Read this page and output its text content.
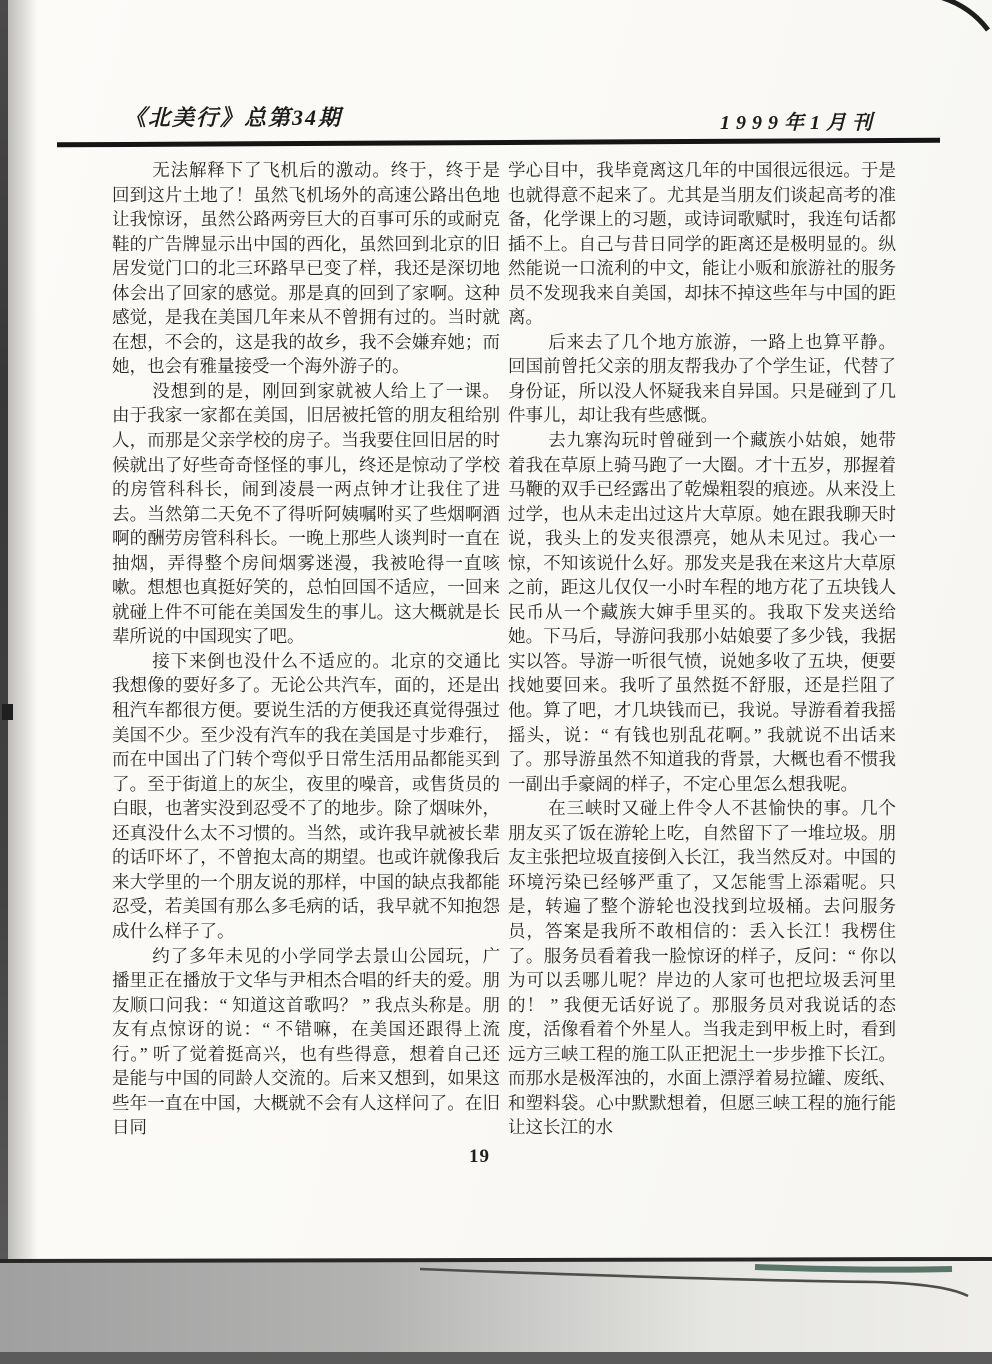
《北美行》总第34期	1999年1月刊

无法解释下了飞机后的激动。终于，终于是回到这片土地了！虽然飞机场外的高速公路出色地让我惊讶，虽然公路两旁巨大的百事可乐的或耐克鞋的广告牌显示出中国的西化，虽然回到北京的旧居发觉门口的北三环路早已变了样，我还是深切地体会出了回家的感觉。那是真的回到了家啊。这种感觉，是我在美国几年来从不曾拥有过的。当时就在想，不会的，这是我的故乡，我不会嫌弃她；而她，也会有雅量接受一个海外游子的。

没想到的是，刚回到家就被人给上了一课。由于我家一家都在美国，旧居被托管的朋友租给别人，而那是父亲学校的房子。当我要住回旧居的时候就出了好些奇奇怪怪的事儿，终还是惊动了学校的房管科科长，闹到凌晨一两点钟才让我住了进去。当然第二天免不了得听阿姨嘱咐买了些烟啊酒啊的酬劳房管科科长。一晚上那些人谈判时一直在抽烟，弄得整个房间烟雾迷漫，我被呛得一直咳嗽。想想也真挺好笑的，总怕回国不适应，一回来就碰上件不可能在美国发生的事儿。这大概就是长辈所说的中国现实了吧。

接下来倒也没什么不适应的。北京的交通比我想像的要好多了。无论公共汽车，面的，还是出租汽车都很方便。要说生活的方便我还真觉得强过美国不少。至少没有汽车的我在美国是寸步难行，而在中国出了门转个弯似乎日常生活用品都能买到了。至于街道上的灰尘，夜里的噪音，或售货员的白眼，也著实没到忍受不了的地步。除了烟味外，还真没什么太不习惯的。当然，或许我早就被长辈的话吓坏了，不曾抱太高的期望。也或许就像我后来大学里的一个朋友说的那样，中国的缺点我都能忍受，若美国有那么多毛病的话，我早就不知抱怨成什么样子了。

约了多年未见的小学同学去景山公园玩，广播里正在播放于文华与尹相杰合唱的纤夫的爱。朋友顺口问我：“ 知道这首歌吗？ ” 我点头称是。朋友有点惊讶的说：“ 不错嘛，在美国还跟得上流行。” 听了觉着挺高兴，也有些得意，想着自己还是能与中国的同龄人交流的。后来又想到，如果这些年一直在中国，大概就不会有人这样问了。在旧日同

学心目中，我毕竟离这几年的中国很远很远。于是也就得意不起来了。尤其是当朋友们谈起高考的准备，化学课上的习题，或诗词歌赋时，我连句话都插不上。自己与昔日同学的距离还是极明显的。纵然能说一口流利的中文，能让小贩和旅游社的服务员不发现我来自美国，却抹不掉这些年与中国的距离。

后来去了几个地方旅游，一路上也算平静。回国前曾托父亲的朋友帮我办了个学生证，代替了身份证，所以没人怀疑我来自异国。只是碰到了几件事儿，却让我有些感慨。

去九寨沟玩时曾碰到一个藏族小姑娘，她带着我在草原上骑马跑了一大圈。才十五岁，那握着马鞭的双手已经露出了乾燥粗裂的痕迹。从来没上过学，也从未走出过这片大草原。她在跟我聊天时说，我头上的发夹很漂亮，她从未见过。我心一惊，不知该说什么好。那发夹是我在来这片大草原之前，距这儿仅仅一小时车程的地方花了五块钱人民币从一个藏族大婶手里买的。我取下发夹送给她。下马后，导游问我那小姑娘要了多少钱，我据实以答。导游一听很气愤，说她多收了五块，便要找她要回来。我听了虽然挺不舒服，还是拦阻了他。算了吧，才几块钱而已，我说。导游看着我摇摇头，说：“ 有钱也别乱花啊。” 我就说不出话来了。那导游虽然不知道我的背景，大概也看不惯我一副出手豪阔的样子，不定心里怎么想我呢。

在三峡时又碰上件令人不甚愉快的事。几个朋友买了饭在游轮上吃，自然留下了一堆垃圾。朋友主张把垃圾直接倒入长江，我当然反对。中国的环境污染已经够严重了，又怎能雪上添霜呢。只是，转遍了整个游轮也没找到垃圾桶。去问服务员，答案是我所不敢相信的：丢入长江！我楞住了。服务员看着我一脸惊讶的样子，反问：“ 你以为可以丢哪儿呢？岸边的人家可也把垃圾丢河里的！ ” 我便无话好说了。那服务员对我说话的态度，活像看着个外星人。当我走到甲板上时，看到远方三峡工程的施工队正把泥土一步步推下长江。而那水是极浑浊的，水面上漂浮着易拉罐、废纸、和塑料袋。心中默默想着，但愿三峡工程的施行能让这长江的水

19
